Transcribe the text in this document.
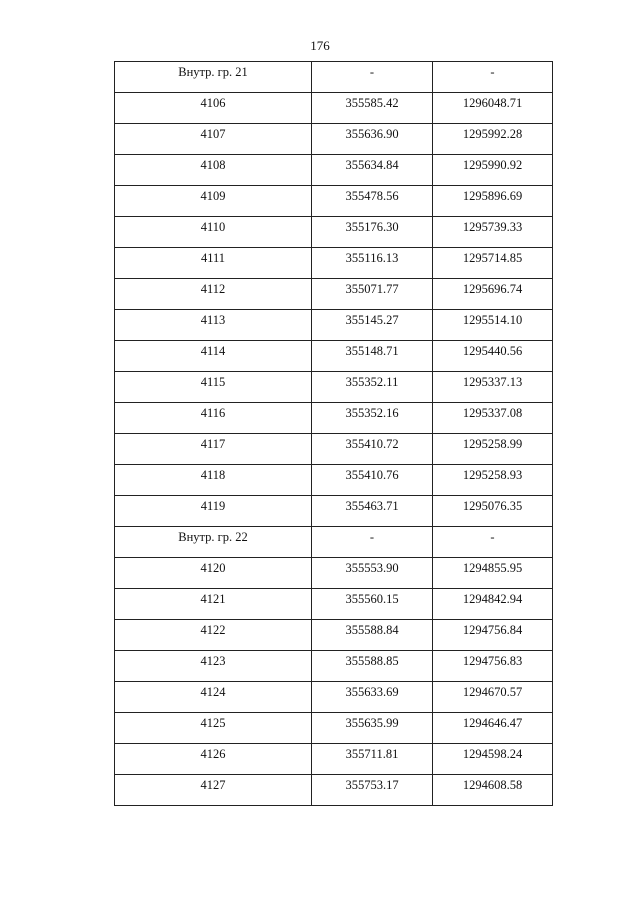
176
Внутр. гр. 21	-	-
4106	355585.42	1296048.71
4107	355636.90	1295992.28
4108	355634.84	1295990.92
4109	355478.56	1295896.69
4110	355176.30	1295739.33
4111	355116.13	1295714.85
4112	355071.77	1295696.74
4113	355145.27	1295514.10
4114	355148.71	1295440.56
4115	355352.11	1295337.13
4116	355352.16	1295337.08
4117	355410.72	1295258.99
4118	355410.76	1295258.93
4119	355463.71	1295076.35
Внутр. гр. 22	-	-
4120	355553.90	1294855.95
4121	355560.15	1294842.94
4122	355588.84	1294756.84
4123	355588.85	1294756.83
4124	355633.69	1294670.57
4125	355635.99	1294646.47
4126	355711.81	1294598.24
4127	355753.17	1294608.58
